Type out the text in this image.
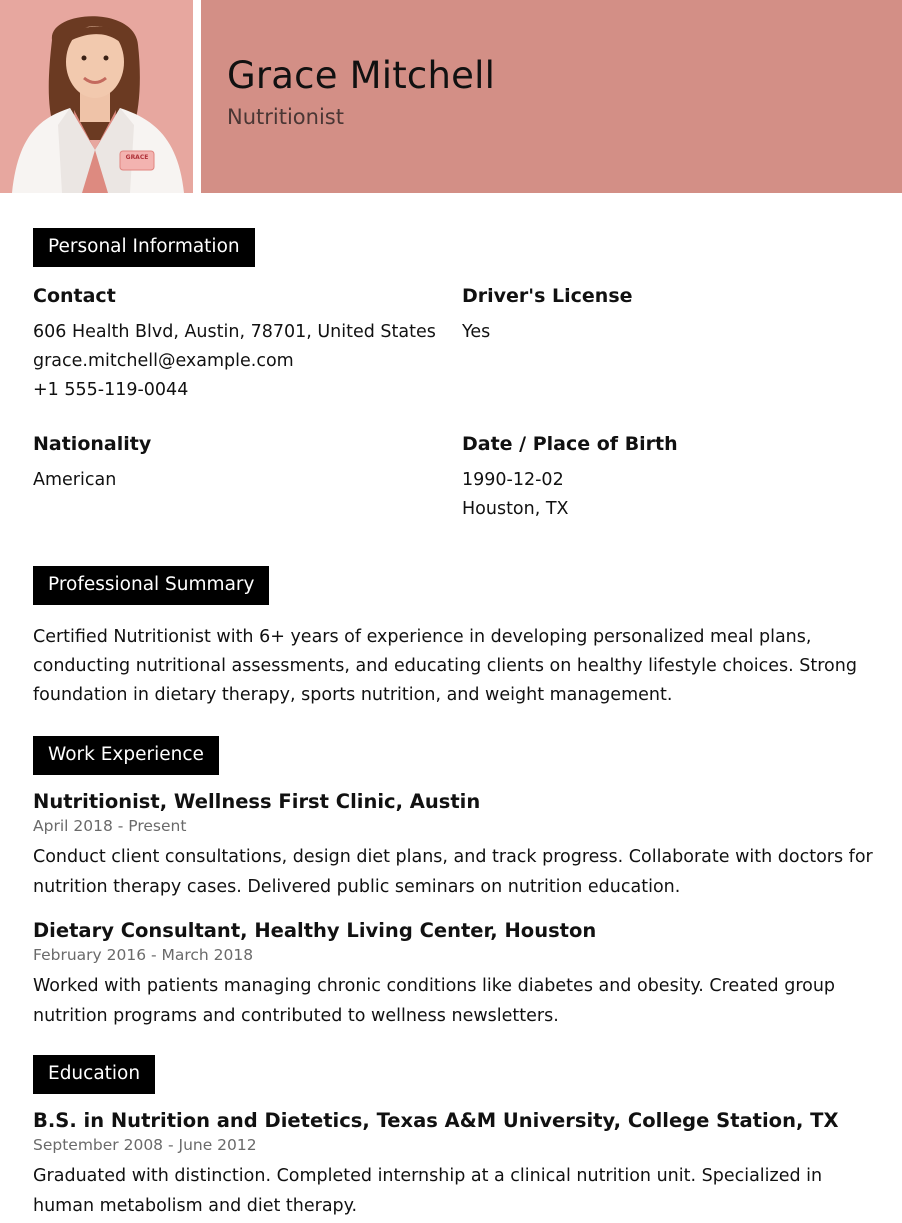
GRACE
Grace Mitchell
Nutritionist
Personal Information
Contact
606 Health Blvd, Austin, 78701, United States
grace.mitchell@example.com
+1 555-119-0044
Driver's License
Yes
Nationality
American
Date / Place of Birth
1990-12-02
Houston, TX
Professional Summary

Certified Nutritionist with 6+ years of experience in developing personalized meal plans, conducting nutritional assessments, and educating clients on healthy lifestyle choices. Strong foundation in dietary therapy, sports nutrition, and weight management.

Work Experience
Nutritionist, Wellness First Clinic, Austin
April 2018 - Present
Conduct client consultations, design diet plans, and track progress. Collaborate with doctors for nutrition therapy cases. Delivered public seminars on nutrition education.
Dietary Consultant, Healthy Living Center, Houston
February 2016 - March 2018
Worked with patients managing chronic conditions like diabetes and obesity. Created group nutrition programs and contributed to wellness newsletters.
Education
B.S. in Nutrition and Dietetics, Texas A&M University, College Station, TX
September 2008 - June 2012
Graduated with distinction. Completed internship at a clinical nutrition unit. Specialized in human metabolism and diet therapy.
